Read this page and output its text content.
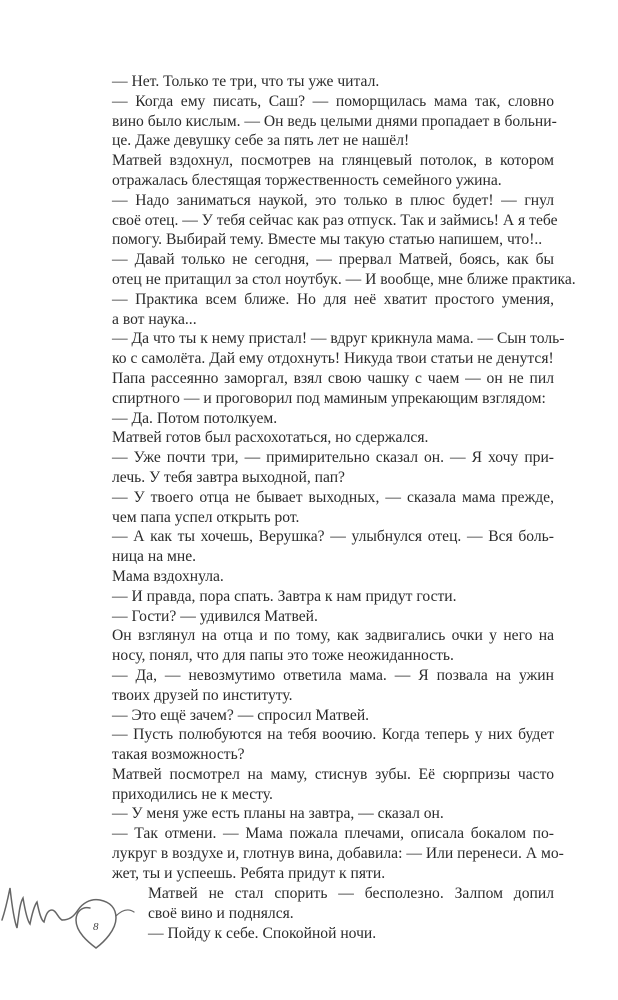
— Нет. Только те три, что ты уже читал.
— Когда ему писать, Саш? — поморщилась мама так, словно
вино было кислым. — Он ведь целыми днями пропадает в больни-
це. Даже девушку себе за пять лет не нашёл!
Матвей вздохнул, посмотрев на глянцевый потолок, в котором
отражалась блестящая торжественность семейного ужина.
— Надо заниматься наукой, это только в плюс будет! — гнул
своё отец. — У тебя сейчас как раз отпуск. Так и займись! А я тебе
помогу. Выбирай тему. Вместе мы такую статью напишем, что!..
— Давай только не сегодня, — прервал Матвей, боясь, как бы
отец не притащил за стол ноутбук. — И вообще, мне ближе практика.
— Практика всем ближе. Но для неё хватит простого умения,
а вот наука...
— Да что ты к нему пристал! — вдруг крикнула мама. — Сын толь-
ко с самолёта. Дай ему отдохнуть! Никуда твои статьи не денутся!
Папа рассеянно заморгал, взял свою чашку с чаем — он не пил
спиртного — и проговорил под маминым упрекающим взглядом:
— Да. Потом потолкуем.
Матвей готов был расхохотаться, но сдержался.
— Уже почти три, — примирительно сказал он. — Я хочу при-
лечь. У тебя завтра выходной, пап?
— У твоего отца не бывает выходных, — сказала мама прежде,
чем папа успел открыть рот.
— А как ты хочешь, Верушка? — улыбнулся отец. — Вся боль-
ница на мне.
Мама вздохнула.
— И правда, пора спать. Завтра к нам придут гости.
— Гости? — удивился Матвей.
Он взглянул на отца и по тому, как задвигались очки у него на
носу, понял, что для папы это тоже неожиданность.
— Да, — невозмутимо ответила мама. — Я позвала на ужин
твоих друзей по институту.
— Это ещё зачем? — спросил Матвей.
— Пусть полюбуются на тебя воочию. Когда теперь у них будет
такая возможность?
Матвей посмотрел на маму, стиснув зубы. Её сюрпризы часто
приходились не к месту.
— У меня уже есть планы на завтра, — сказал он.
— Так отмени. — Мама пожала плечами, описала бокалом по-
лукруг в воздухе и, глотнув вина, добавила: — Или перенеси. А мо-
жет, ты и успеешь. Ребята придут к пяти.
Матвей не стал спорить — бесполезно. Залпом допил
своё вино и поднялся.
— Пойду к себе. Спокойной ночи.
8
